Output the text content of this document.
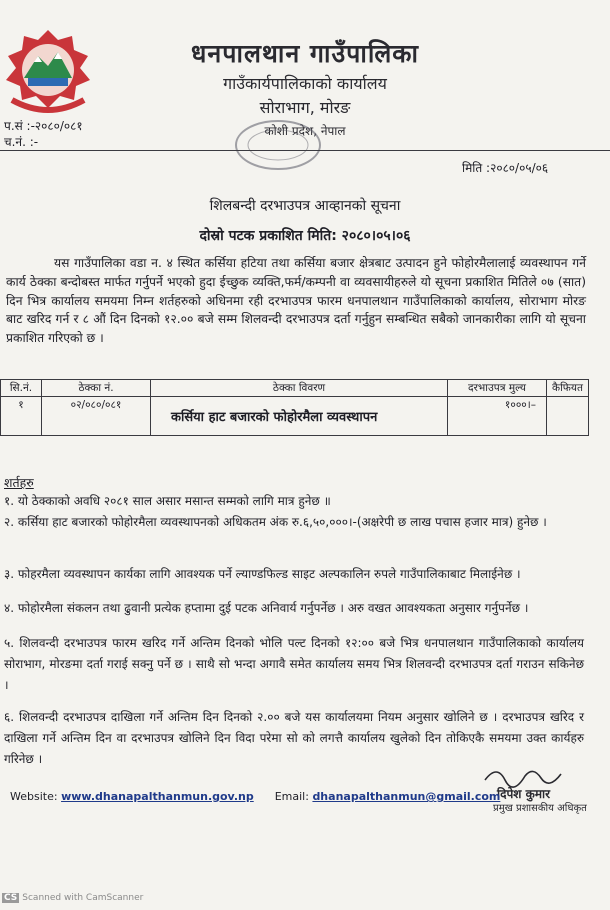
धनपालथान गाउँपालिका
गाउँकार्यपालिकाको कार्यालय
सोराभाग, मोरङ
कोशी प्रदेश, नेपाल
प.सं :-२०८०/०८१
च.नं. :-
मिति :२०८०/०५/०६
शिलबन्दी दरभाउपत्र आव्हानको सूचना
दोस्रो पटक प्रकाशित मिति: २०८०।०५।०६

यस गाउँपालिका वडा न. ४ स्थित कर्सिया हटिया तथा कर्सिया बजार क्षेत्रबाट उत्पादन हुने फोहोरमैलालाई व्यवस्थापन गर्ने कार्य ठेक्का बन्दोबस्त मार्फत गर्नुपर्ने भएको हुदा ईच्छुक व्यक्ति,फर्म/कम्पनी वा व्यवसायीहरुले यो सूचना प्रकाशित मितिले ०७ (सात) दिन भित्र कार्यालय समयमा निम्न शर्तहरुको अधिनमा रही दरभाउपत्र फारम धनपालथान गाउँपालिकाको कार्यालय, सोराभाग मोरङ बाट खरिद गर्न र ८ औं दिन दिनको १२.०० बजे सम्म शिलवन्दी दरभाउपत्र दर्ता गर्नुहुन सम्बन्धित सबैको जानकारीका लागि यो सूचना प्रकाशित गरिएको छ ।

सि.नं.	ठेक्का नं.	ठेक्का विवरण	दरभाउपत्र मुल्य	कैफियत
१	०२/०८०/०८१	कर्सिया हाट बजारको फोहोरमैला व्यवस्थापन	१०००।–	
शर्तहरु

१. यो ठेक्काको अवधि २०८१ साल असार मसान्त सम्मको लागि मात्र हुनेछ ॥

२. कर्सिया हाट बजारको फोहोरमैला व्यवस्थापनको अधिकतम अंक रु.६,५०,०००।-(अक्षरेपी छ लाख पचास हजार मात्र) हुनेछ ।

३. फोहरमैला व्यवस्थापन कार्यका लागि आवश्यक पर्ने ल्याण्डफिल्ड साइट अल्पकालिन रुपले गाउँपालिकाबाट मिलाईनेछ ।

४. फोहोरमैला संकलन तथा ढुवानी प्रत्येक हप्तामा दुई पटक अनिवार्य गर्नुपर्नेछ । अरु वखत आवश्यकता अनुसार गर्नुपर्नेछ ।

५. शिलवन्दी दरभाउपत्र फारम खरिद गर्ने अन्तिम दिनको भोलि पल्ट दिनको १२:०० बजे भित्र धनपालथान गाउँपालिकाको कार्यालय सोराभाग, मोरङमा दर्ता गराई सक्नु पर्ने छ । साथै सो भन्दा अगावै समेत कार्यालय समय भित्र शिलवन्दी दरभाउपत्र दर्ता गराउन सकिनेछ ।

६. शिलवन्दी दरभाउपत्र दाखिला गर्ने अन्तिम दिन दिनको २.०० बजे यस कार्यालयमा नियम अनुसार खोलिने छ । दरभाउपत्र खरिद र दाखिला गर्ने अन्तिम दिन वा दरभाउपत्र खोलिने दिन विदा परेमा सो को लगत्तै कार्यालय खुलेको दिन तोकिएकै समयमा उक्त कार्यहरु गरिनेछ ।

दिपेश कुमार
प्रमुख प्रशासकीय अधिकृत
Website: www.dhanapalthanmun.gov.np Email: dhanapalthanmun@gmail.com
CS Scanned with CamScanner
